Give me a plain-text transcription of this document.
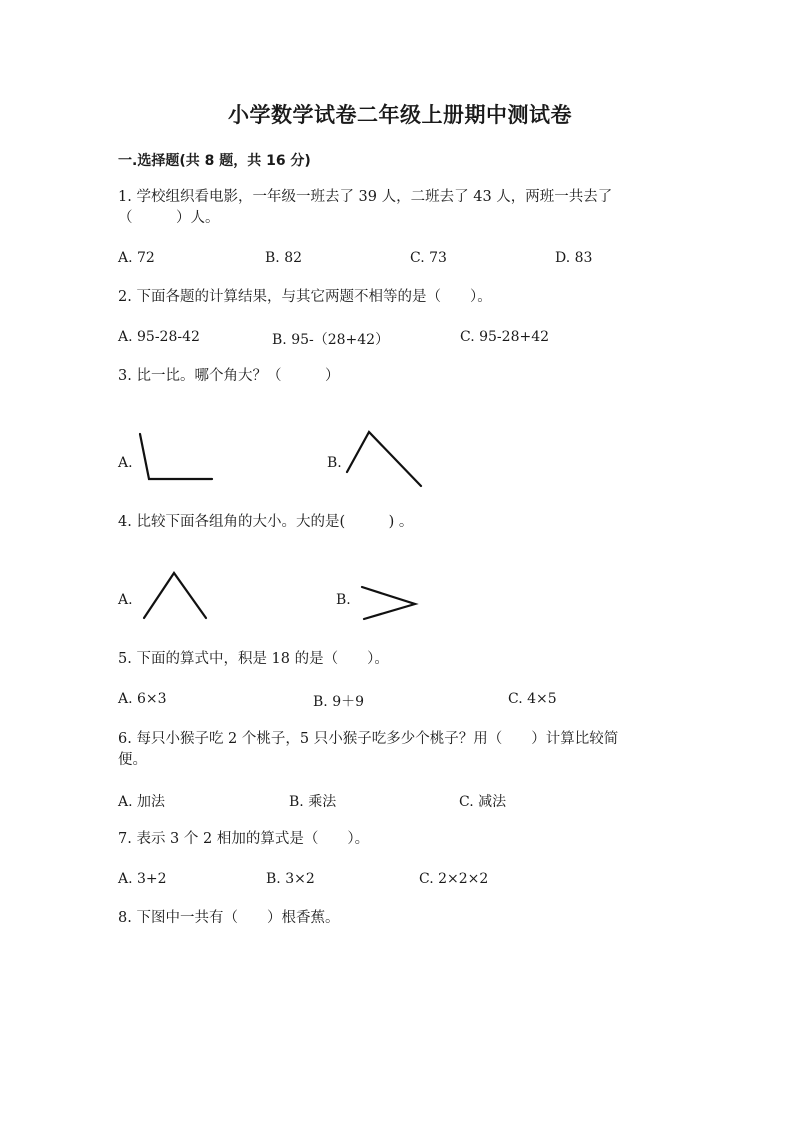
小学数学试卷二年级上册期中测试卷
一.选择题(共 8 题，共 16 分)
1. 学校组织看电影，一年级一班去了 39 人，二班去了 43 人，两班一共去了
（　　　）人。
A. 72	B. 82	C. 73	D. 83
2. 下面各题的计算结果，与其它两题不相等的是（　　）。
A. 95-28-42	B. 95-（28+42）	C. 95-28+42
3. 比一比。哪个角大？（　　　）
A.	B.
4. 比较下面各组角的大小。大的是(　　　) 。
A.	B.
5. 下面的算式中，积是 18 的是（　　）。
A. 6×3	B. 9＋9	C. 4×5
6. 每只小猴子吃 2 个桃子，5 只小猴子吃多少个桃子？用（　　）计算比较简
便。
A. 加法	B. 乘法	C. 减法
7. 表示 3 个 2 相加的算式是（　　）。
A. 3+2	B. 3×2	C. 2×2×2
8. 下图中一共有（　　）根香蕉。
